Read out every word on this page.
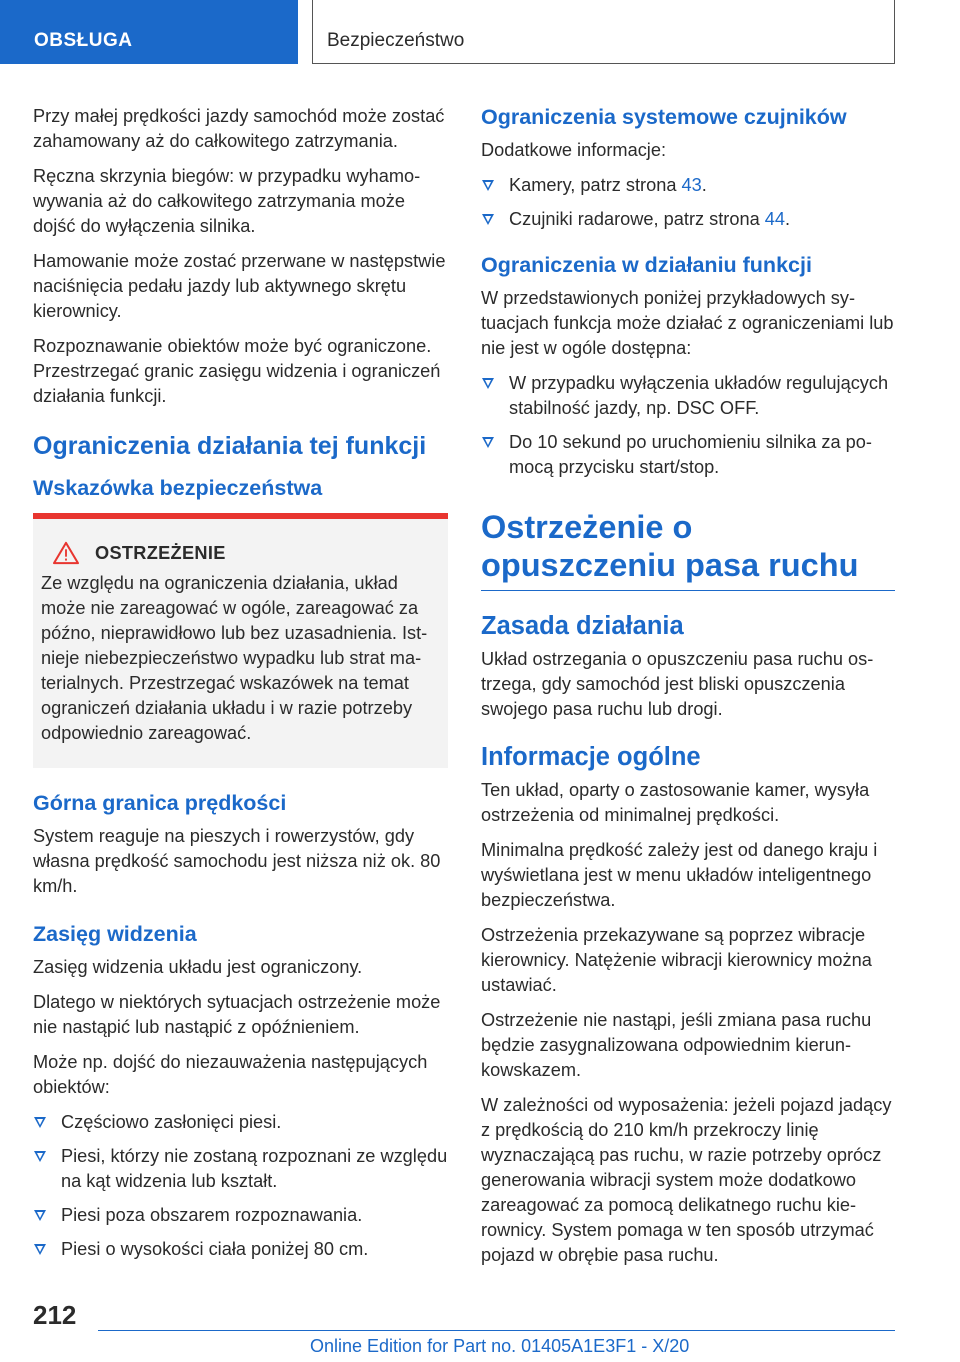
OBSŁUGA	Bezpieczeństwo

Przy małej prędkości jazdy samochód może zostać zahamowany aż do całkowitego zatrzymania.

Ręczna skrzynia biegów: w przypadku wyhamowywania aż do całkowitego zatrzymania może dojść do wyłączenia silnika.

Hamowanie może zostać przerwane w następstwie naciśnięcia pedału jazdy lub aktywnego skrętu kierownicy.

Rozpoznawanie obiektów może być ograniczone. Przestrzegać granic zasięgu widzenia i ograniczeń działania funkcji.

Ograniczenia działania tej funkcji
Wskazówka bezpieczeństwa
OSTRZEŻENIE

Ze względu na ograniczenia działania, układ może nie zareagować w ogóle, zareagować za późno, nieprawidłowo lub bez uzasadnienia. Istnieje niebezpieczeństwo wypadku lub strat materialnych. Przestrzegać wskazówek na temat ograniczeń działania układu i w razie potrzeby odpowiednio zareagować.

Górna granica prędkości

System reaguje na pieszych i rowerzystów, gdy własna prędkość samochodu jest niższa niż ok. 80 km/h.

Zasięg widzenia

Zasięg widzenia układu jest ograniczony.

Dlatego w niektórych sytuacjach ostrzeżenie może nie nastąpić lub nastąpić z opóźnieniem.

Może np. dojść do niezauważenia następujących obiektów:

Częściowo zasłonięci piesi.
Piesi, którzy nie zostaną rozpoznani ze względu na kąt widzenia lub kształt.
Piesi poza obszarem rozpoznawania.
Piesi o wysokości ciała poniżej 80 cm.
Ograniczenia systemowe czujników

Dodatkowe informacje:

Kamery, patrz strona 43.
Czujniki radarowe, patrz strona 44.
Ograniczenia w działaniu funkcji

W przedstawionych poniżej przykładowych sytuacjach funkcja może działać z ograniczeniami lub nie jest w ogóle dostępna:

W przypadku wyłączenia układów regulujących stabilność jazdy, np. DSC OFF.
Do 10 sekund po uruchomieniu silnika za pomocą przycisku start/stop.
Ostrzeżenie o opuszczeniu pasa ruchu
Zasada działania

Układ ostrzegania o opuszczeniu pasa ruchu ostrzega, gdy samochód jest bliski opuszczenia swojego pasa ruchu lub drogi.

Informacje ogólne

Ten układ, oparty o zastosowanie kamer, wysyła ostrzeżenia od minimalnej prędkości.

Minimalna prędkość zależy jest od danego kraju i wyświetlana jest w menu układów inteligentnego bezpieczeństwa.

Ostrzeżenia przekazywane są poprzez wibracje kierownicy. Natężenie wibracji kierownicy można ustawiać.

Ostrzeżenie nie nastąpi, jeśli zmiana pasa ruchu będzie zasygnalizowana odpowiednim kierunkowskazem.

W zależności od wyposażenia: jeżeli pojazd jadący z prędkością do 210 km/h przekroczy linię wyznaczającą pas ruchu, w razie potrzeby oprócz generowania wibracji system może dodatkowo zareagować za pomocą delikatnego ruchu kierownicy. System pomaga w ten sposób utrzymać pojazd w obrębie pasa ruchu.

212
Online Edition for Part no. 01405A1E3F1 - X/20
